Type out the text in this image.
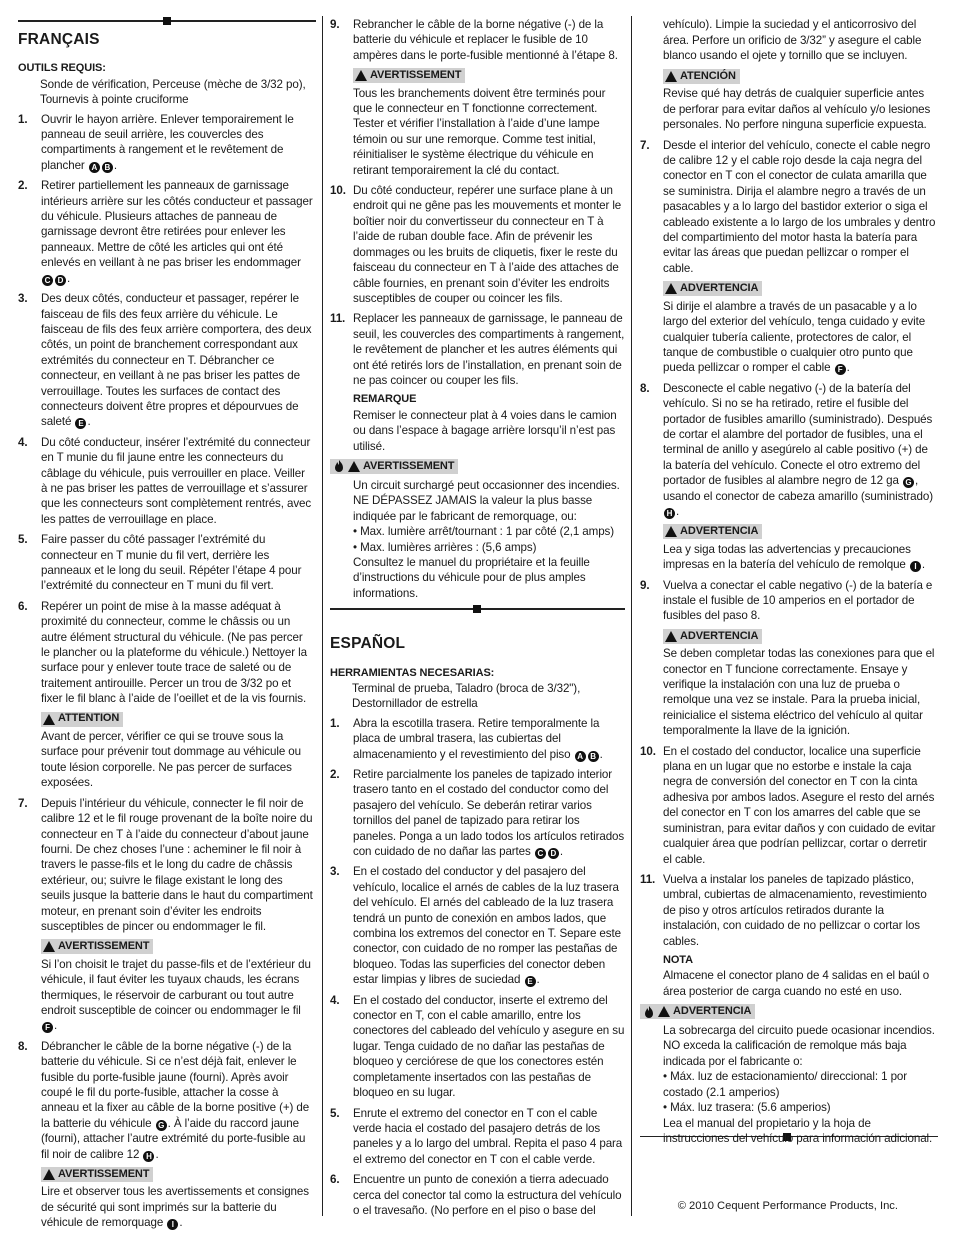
FRANÇAIS
OUTILS REQUIS:
Sonde de vérification, Perceuse (mèche de 3/32 po), Tournevis à pointe cruciforme
1. Ouvrir le hayon arrière. Enlever temporairement le panneau de seuil arrière, les couvercles des compartiments à rangement et le revêtement de plancher A B .
2. Retirer partiellement les panneaux de garnissage intérieurs arrière sur les côtés conducteur et passager du véhicule. Plusieurs attaches de panneau de garnissage devront être retirées pour enlever les panneaux. Mettre de côté les articles qui ont été enlevés en veillant à ne pas briser les endommager C D .
3. Des deux côtés, conducteur et passager, repérer le faisceau de fils des feux arrière du véhicule. Le faisceau de fils des feux arrière comportera, des deux côtés, un point de branchement correspondant aux extrémités du connecteur en T. Débrancher ce connecteur, en veillant à ne pas briser les pattes de verrouillage. Toutes les surfaces de contact des connecteurs doivent être propres et dépourvues de saleté E .
4. Du côté conducteur, insérer l’extrémité du connecteur en T munie du fil jaune entre les connecteurs du câblage du véhicule, puis verrouiller en place. Veiller à ne pas briser les pattes de verrouillage et s’assurer que les connecteurs sont complètement rentrés, avec les pattes de verrouillage en place.
5. Faire passer du côté passager l’extrémité du connecteur en T munie du fil vert, derrière les panneaux et le long du seuil. Répéter l’étape 4 pour l’extrémité du connecteur en T muni du fil vert.
6. Repérer un point de mise à la masse adéquat à proximité du connecteur, comme le châssis ou un autre élément structural du véhicule. (Ne pas percer le plancher ou la plateforme du véhicule.) Nettoyer la surface pour y enlever toute trace de saleté ou de traitement antirouille. Percer un trou de 3/32 po et fixer le fil blanc à l’aide de l’oeillet et de la vis fournis.
ATTENTION
Avant de percer, vérifier ce qui se trouve sous la surface pour prévenir tout dommage au véhicule ou toute lésion corporelle. Ne pas percer de surfaces exposées.
7. Depuis l’intérieur du véhicule, connecter le fil noir de calibre 12 et le fil rouge provenant de la boîte noire du connecteur en T à l’aide du connecteur d’about jaune fourni. De chez choses l’une : acheminer le fil noir à travers le passe-fils et le long du cadre de châssis extérieur, ou; suivre le filage existant le long des seuils jusque la batterie dans le haut du compartiment moteur, en prenant soin d’éviter les endroits susceptibles de pincer ou endommager le fil.
AVERTISSEMENT
Si l’on choisit le trajet du passe-fils et de l’extérieur du véhicule, il faut éviter les tuyaux chauds, les écrans thermiques, le réservoir de carburant ou tout autre endroit susceptible de coincer ou endommager le fil F .
8. Débrancher le câble de la borne négative (-) de la batterie du véhicule. Si ce n’est déjà fait, enlever le fusible du porte-fusible jaune (fourni). Après avoir coupé le fil du porte-fusible, attacher la cosse à anneau et la fixer au câble de la borne positive (+) de la batterie du véhicule G . À l’aide du raccord jaune (fourni), attacher l’autre extrémité du porte-fusible au fil noir de calibre 12 H .
AVERTISSEMENT
Lire et observer tous les avertissements et consignes de sécurité qui sont imprimés sur la batterie du véhicule de remorquage I .
9. Rebrancher le câble de la borne négative (-) de la batterie du véhicule et replacer le fusible de 10 ampères dans le porte-fusible mentionné à l’étape 8.
AVERTISSEMENT
Tous les branchements doivent être terminés pour que le connecteur en T fonctionne correctement. Tester et vérifier l’installation à l’aide d’une lampe témoin ou sur une remorque. Comme test initial, réinitialiser le système électrique du véhicule en retirant temporairement la clé du contact.
10. Du côté conducteur, repérer une surface plane à un endroit qui ne gêne pas les mouvements et monter le boîtier noir du convertisseur du connecteur en T à l’aide de ruban double face. Afin de prévenir les dommages ou les bruits de cliquetis, fixer le reste du faisceau du connecteur en T à l’aide des attaches de câble fournies, en prenant soin d’éviter les endroits susceptibles de couper ou coincer les fils.
11. Replacer les panneaux de garnissage, le panneau de seuil, les couvercles des compartiments à rangement, le revêtement de plancher et les autres éléments qui ont été retirés lors de l’installation, en prenant soin de ne pas coincer ou couper les fils.
REMARQUE
Remiser le connecteur plat à 4 voies dans le camion ou dans l’espace à bagage arrière lorsqu’il n’est pas utilisé.
AVERTISSEMENT
Un circuit surchargé peut occasionner des incendies. NE DÉPASSEZ JAMAIS la valeur la plus basse indiquée par le fabricant de remorquage, ou:
• Max. lumière arrêt/tournant : 1 par côté (2,1 amps)
• Max. lumières arrières : (5,6 amps)
Consultez le manuel du propriétaire et la feuille d’instructions du véhicule pour de plus amples informations.
ESPAÑOL
HERRAMIENTAS NECESARIAS:
Terminal de prueba, Taladro (broca de 3/32"), Destornillador de estrella
1. Abra la escotilla trasera. Retire temporalmente la placa de umbral trasera, las cubiertas del almacenamiento y el revestimiento del piso A B .
2. Retire parcialmente los paneles de tapizado interior trasero tanto en el costado del conductor como del pasajero del vehículo. Se deberán retirar varios tornillos del panel de tapizado para retirar los paneles. Ponga a un lado todos los artículos retirados con cuidado de no dañar las partes C D .
3. En el costado del conductor y del pasajero del vehículo, localice el arnés de cables de la luz trasera del vehículo. El arnés del cableado de la luz trasera tendrá un punto de conexión en ambos lados, que combina los extremos del conector en T. Separe este conector, con cuidado de no romper las pestañas de bloqueo. Todas las superficies del conector deben estar limpias y libres de suciedad E .
4. En el costado del conductor, inserte el extremo del conector en T, con el cable amarillo, entre los conectores del cableado del vehículo y asegure en su lugar. Tenga cuidado de no dañar las pestañas de bloqueo y cerciórese de que los conectores estén completamente insertados con las pestañas de bloqueo en su lugar.
5. Enrute el extremo del conector en T con el cable verde hacia el costado del pasajero detrás de los paneles y a lo largo del umbral. Repita el paso 4 para el extremo del conector en T con el cable verde.
6. Encuentre un punto de conexión a tierra adecuado cerca del conector tal como la estructura del vehículo o el travesaño. (No perfore en el piso o base del
vehículo). Limpie la suciedad y el anticorrosivo del área. Perfore un orificio de 3/32” y asegure el cable blanco usando el ojete y tornillo que se incluyen.
ATENCIÓN
Revise qué hay detrás de cualquier superficie antes de perforar para evitar daños al vehículo y/o lesiones personales. No perfore ninguna superficie expuesta.
7. Desde el interior del vehículo, conecte el cable negro de calibre 12 y el cable rojo desde la caja negra del conector en T con el conector de culata amarilla que se suministra. Dirija el alambre negro a través de un pasacables y a lo largo del bastidor exterior o siga el cableado existente a lo largo de los umbrales y dentro del compartimiento del motor hasta la batería para evitar las áreas que puedan pellizcar o romper el cable.
ADVERTENCIA
Si dirije el alambre a través de un pasacable y a lo largo del exterior del vehículo, tenga cuidado y evite cualquier tubería caliente, protectores de calor, el tanque de combustible o cualquier otro punto que pueda pellizcar o romper el cable F .
8. Desconecte el cable negativo (-) de la batería del vehículo. Si no se ha retirado, retire el fusible del portador de fusibles amarillo (suministrado). Después de cortar el alambre del portador de fusibles, una el terminal de anillo y asegúrelo al cable positivo (+) de la batería del vehículo. Conecte el otro extremo del portador de fusibles al alambre negro de 12 ga G , usando el conector de cabeza amarillo (suministrado) H .
ADVERTENCIA
Lea y siga todas las advertencias y precauciones impresas en la batería del vehículo de remolque I .
9. Vuelva a conectar el cable negativo (-) de la batería e instale el fusible de 10 amperios en el portador de fusibles del paso 8.
ADVERTENCIA
Se deben completar todas las conexiones para que el conector en T funcione correctamente. Ensaye y verifique la instalación con una luz de prueba o remolque una vez se instale. Para la prueba inicial, reinicialice el sistema eléctrico del vehículo al quitar temporalmente la llave de la ignición.
10. En el costado del conductor, localice una superficie plana en un lugar que no estorbe e instale la caja negra de conversión del conector en T con la cinta adhesiva por ambos lados. Asegure el resto del arnés del conector en T con los amarres del cable que se suministran, para evitar daños y con cuidado de evitar cualquier área que podrían pellizcar, cortar o derretir el cable.
11. Vuelva a instalar los paneles de tapizado plástico, umbral, cubiertas de almacenamiento, revestimiento de piso y otros artículos retirados durante la instalación, con cuidado de no pellizcar o cortar los cables.
NOTA
Almacene el conector plano de 4 salidas en el baúl o área posterior de carga cuando no esté en uso.
ADVERTENCIA
La sobrecarga del circuito puede ocasionar incendios. NO exceda la calificación de remolque más baja indicada por el fabricante o:
• Máx. luz de estacionamiento/ direccional: 1 por costado (2.1 amperios)
• Máx. luz trasera: (5.6 amperios)
Lea el manual del propietario y la hoja de instrucciones del vehículo para información adicional.
© 2010 Cequent Performance Products, Inc.
